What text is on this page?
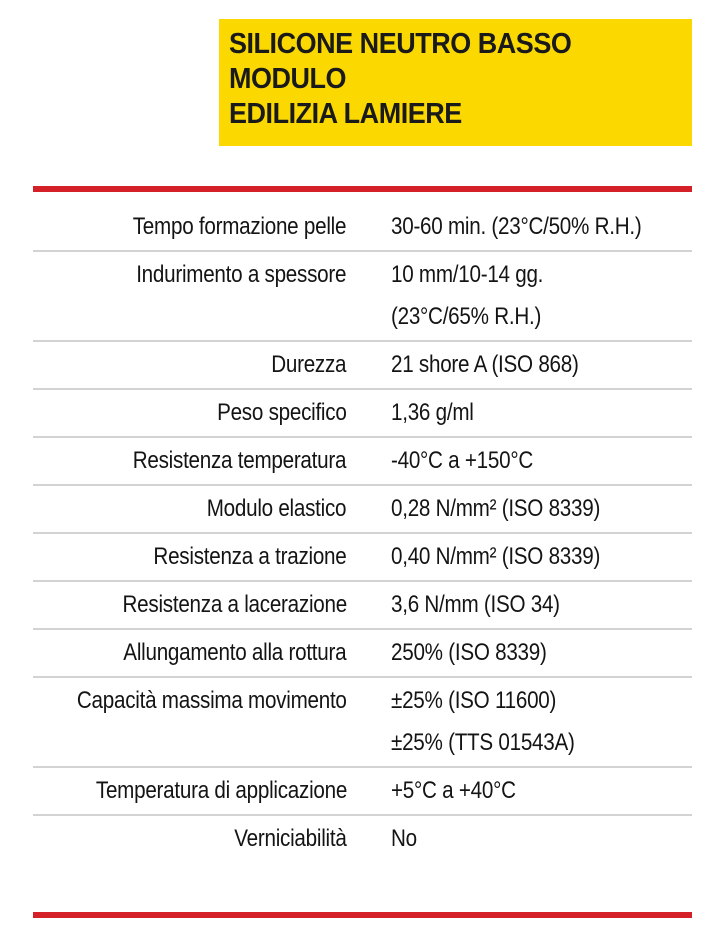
SILICONE NEUTRO BASSO
MODULO
EDILIZIA LAMIERE
Tempo formazione pelle		30-60 min. (23°C/50% R.H.)

Indurimento a spessore		10 mm/10-14 gg.
(23°C/65% R.H.)

Durezza		21 shore A (ISO 868)

Peso specifico		1,36 g/ml

Resistenza temperatura		-40°C a +150°C

Modulo elastico		0,28 N/mm² (ISO 8339)

Resistenza a trazione		0,40 N/mm² (ISO 8339)

Resistenza a lacerazione		3,6 N/mm (ISO 34)

Allungamento alla rottura		250% (ISO 8339)

Capacità massima movimento		±25% (ISO 11600)
±25% (TTS 01543A)

Temperatura di applicazione		+5°C a +40°C

Verniciabilità		No
